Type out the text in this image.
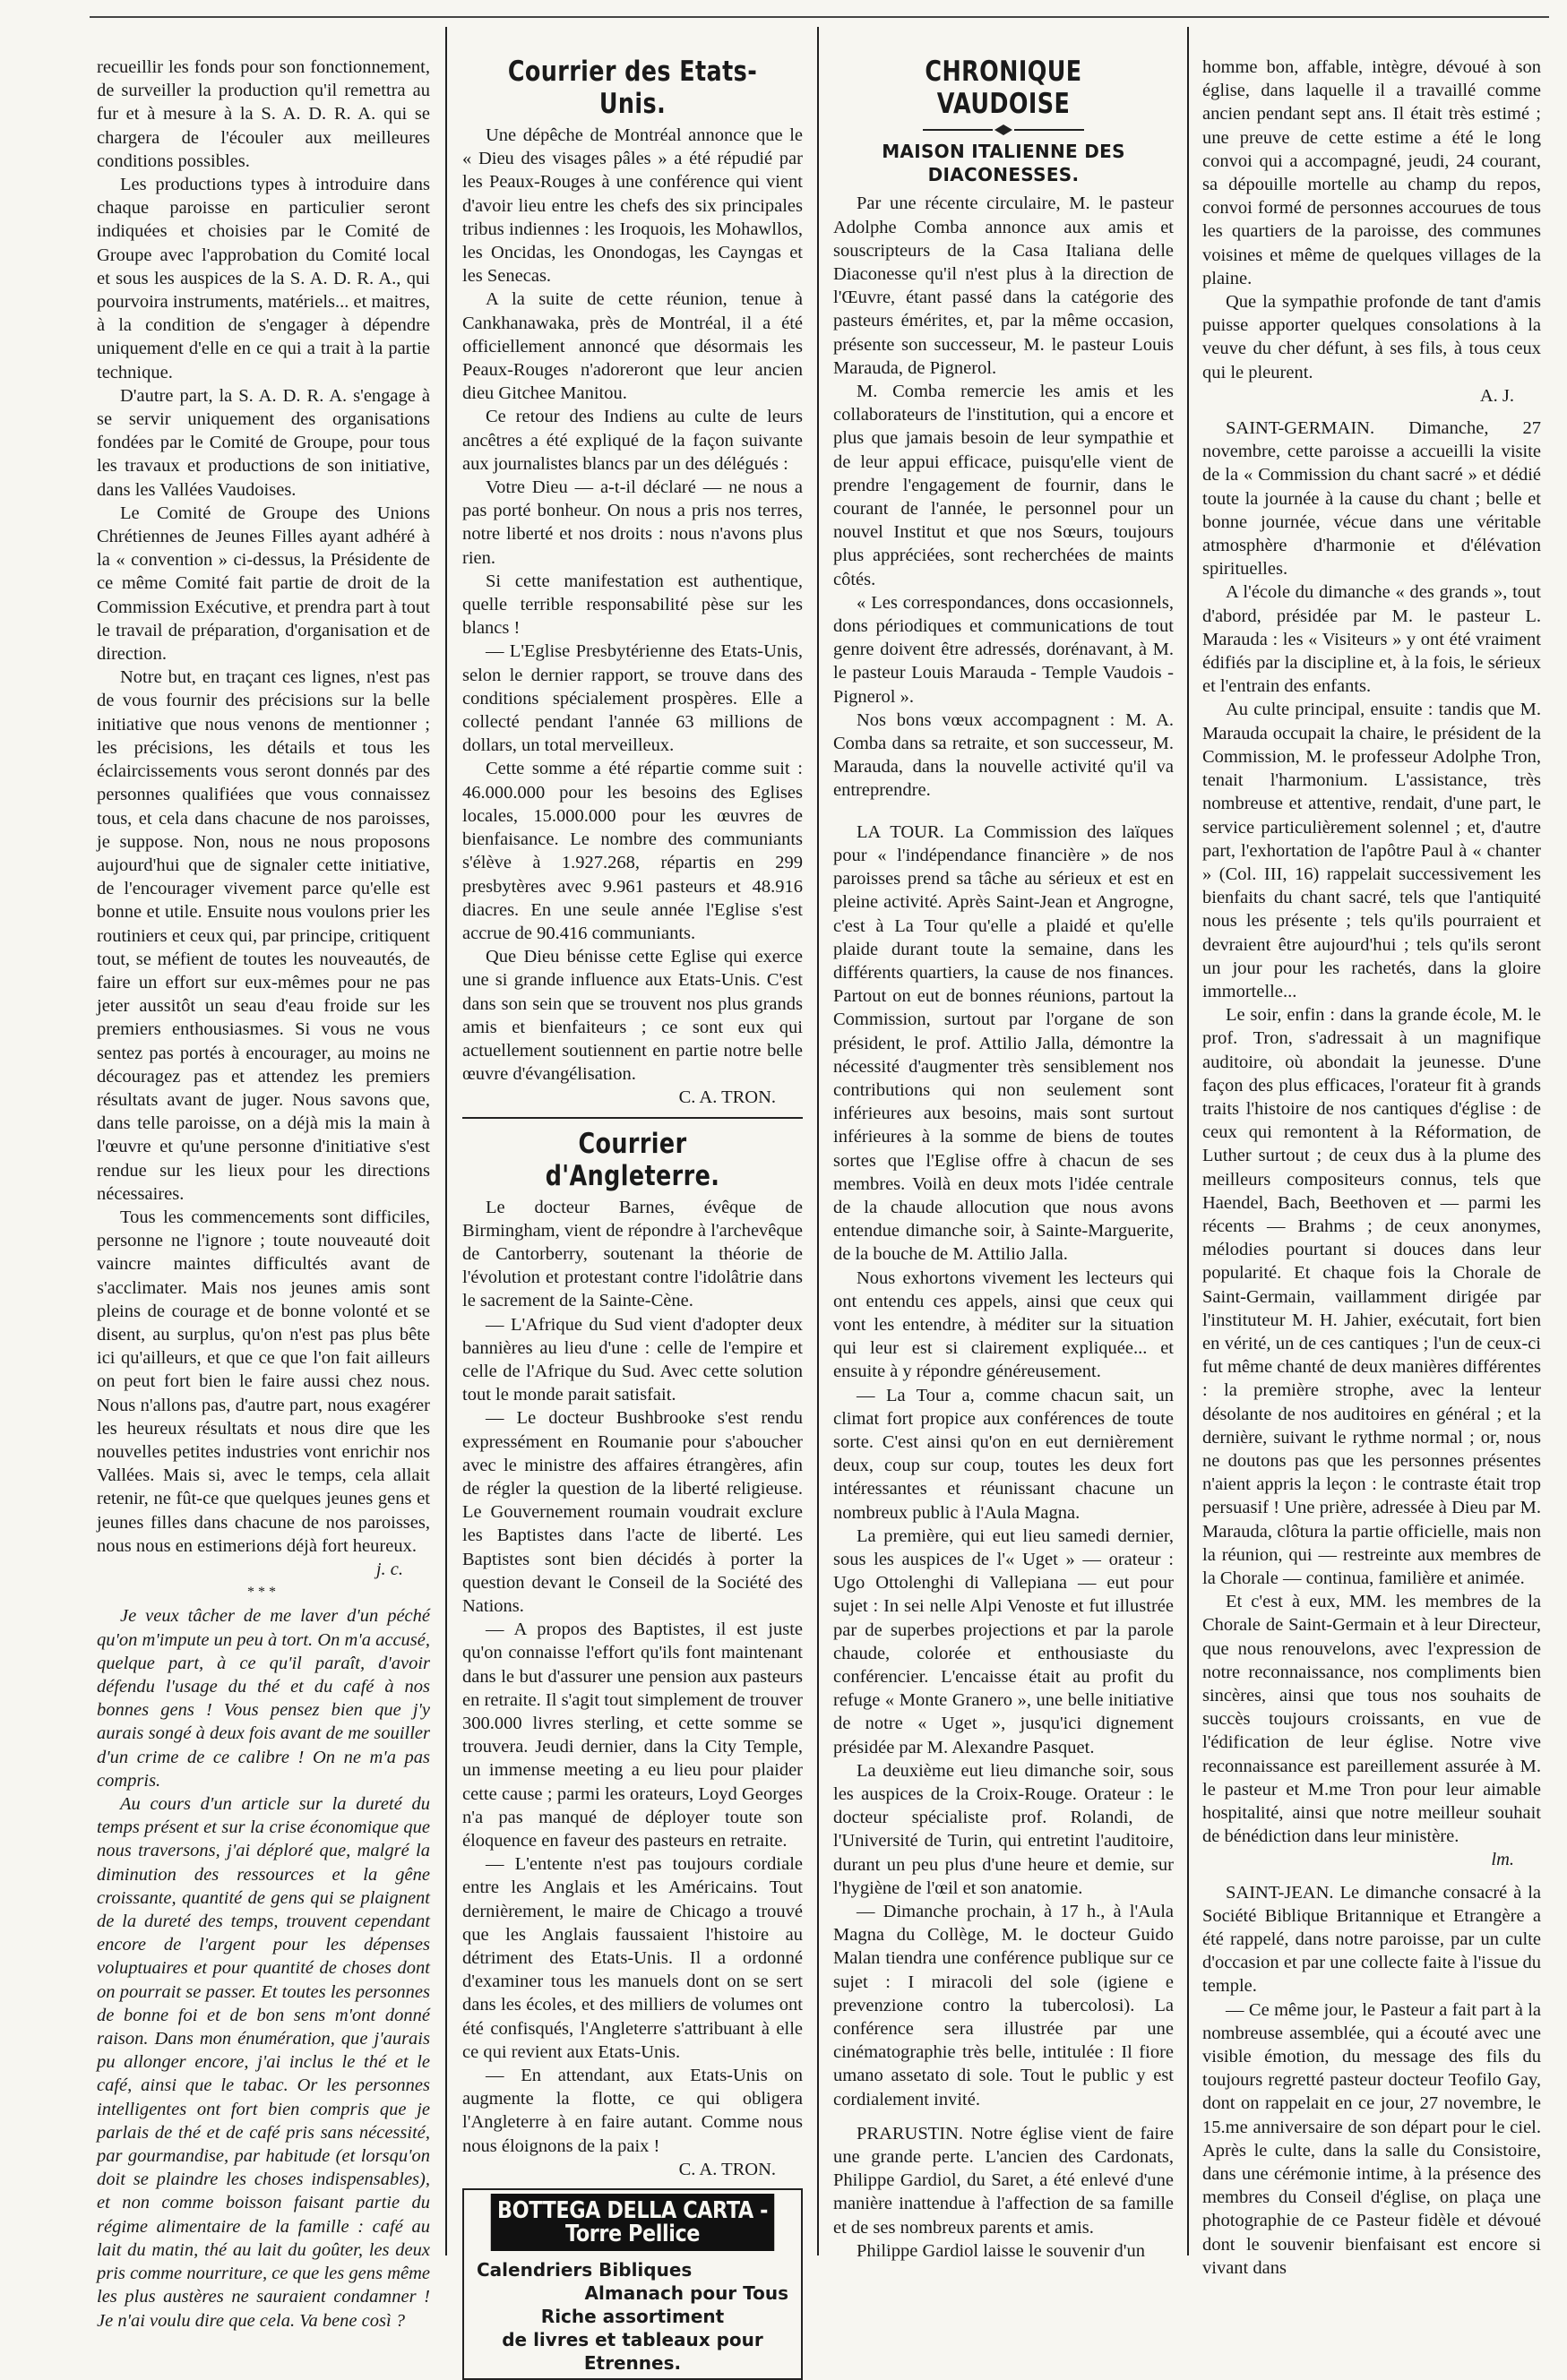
recueillir les fonds pour son fonctionnement, de surveiller la production qu'il remettra au fur et à mesure à la S. A. D. R. A. qui se chargera de l'écouler aux meilleures conditions possibles.

Les productions types à introduire dans chaque paroisse en particulier seront indiquées et choisies par le Comité de Groupe avec l'approbation du Comité local et sous les auspices de la S. A. D. R. A., qui pourvoira instruments, matériels... et maitres, à la condition de s'engager à dépendre uniquement d'elle en ce qui a trait à la partie technique.

D'autre part, la S. A. D. R. A. s'engage à se servir uniquement des organisations fondées par le Comité de Groupe, pour tous les travaux et productions de son initiative, dans les Vallées Vaudoises.

Le Comité de Groupe des Unions Chrétiennes de Jeunes Filles ayant adhéré à la « convention » ci-dessus, la Présidente de ce même Comité fait partie de droit de la Commission Exécutive, et prendra part à tout le travail de préparation, d'organisation et de direction.

Notre but, en traçant ces lignes, n'est pas de vous fournir des précisions sur la belle initiative que nous venons de mentionner ; les précisions, les détails et tous les éclaircissements vous seront donnés par des personnes qualifiées que vous connaissez tous, et cela dans chacune de nos paroisses, je suppose. Non, nous ne nous proposons aujourd'hui que de signaler cette initiative, de l'encourager vivement parce qu'elle est bonne et utile. Ensuite nous voulons prier les routiniers et ceux qui, par principe, critiquent tout, se méfient de toutes les nouveautés, de faire un effort sur eux-mêmes pour ne pas jeter aussitôt un seau d'eau froide sur les premiers enthousiasmes. Si vous ne vous sentez pas portés à encourager, au moins ne découragez pas et attendez les premiers résultats avant de juger. Nous savons que, dans telle paroisse, on a déjà mis la main à l'œuvre et qu'une personne d'initiative s'est rendue sur les lieux pour les directions nécessaires.

Tous les commencements sont difficiles, personne ne l'ignore ; toute nouveauté doit vaincre maintes difficultés avant de s'acclimater. Mais nos jeunes amis sont pleins de courage et de bonne volonté et se disent, au surplus, qu'on n'est pas plus bête ici qu'ailleurs, et que ce que l'on fait ailleurs on peut fort bien le faire aussi chez nous. Nous n'allons pas, d'autre part, nous exagérer les heureux résultats et nous dire que les nouvelles petites industries vont enrichir nos Vallées. Mais si, avec le temps, cela allait retenir, ne fût-ce que quelques jeunes gens et jeunes filles dans chacune de nos paroisses, nous nous en estimerions déjà fort heureux.

j. c.
***

Je veux tâcher de me laver d'un péché qu'on m'impute un peu à tort. On m'a accusé, quelque part, à ce qu'il paraît, d'avoir défendu l'usage du thé et du café à nos bonnes gens ! Vous pensez bien que j'y aurais songé à deux fois avant de me souiller d'un crime de ce calibre ! On ne m'a pas compris.

Au cours d'un article sur la dureté du temps présent et sur la crise économique que nous traversons, j'ai déploré que, malgré la diminution des ressources et la gêne croissante, quantité de gens qui se plaignent de la dureté des temps, trouvent cependant encore de l'argent pour les dépenses voluptuaires et pour quantité de choses dont on pourrait se passer. Et toutes les personnes de bonne foi et de bon sens m'ont donné raison. Dans mon énumération, que j'aurais pu allonger encore, j'ai inclus le thé et le café, ainsi que le tabac. Or les personnes intelligentes ont fort bien compris que je parlais de thé et de café pris sans nécessité, par gourmandise, par habitude (et lorsqu'on doit se plaindre les choses indispensables), et non comme boisson faisant partie du régime alimentaire de la famille : café au lait du matin, thé au lait du goûter, les deux pris comme nourriture, ce que les gens même les plus austères ne sauraient condamner ! Je n'ai voulu dire que cela. Va bene così ?

Courrier des Etats-Unis.

Une dépêche de Montréal annonce que le « Dieu des visages pâles » a été répudié par les Peaux-Rouges à une conférence qui vient d'avoir lieu entre les chefs des six principales tribus indiennes : les Iroquois, les Mohawllos, les Oncidas, les Onondogas, les Cayngas et les Senecas.

A la suite de cette réunion, tenue à Cankhanawaka, près de Montréal, il a été officiellement annoncé que désormais les Peaux-Rouges n'adoreront que leur ancien dieu Gitchee Manitou.

Ce retour des Indiens au culte de leurs ancêtres a été expliqué de la façon suivante aux journalistes blancs par un des délégués :

Votre Dieu — a-t-il déclaré — ne nous a pas porté bonheur. On nous a pris nos terres, notre liberté et nos droits : nous n'avons plus rien.

Si cette manifestation est authentique, quelle terrible responsabilité pèse sur les blancs !

— L'Eglise Presbytérienne des Etats-Unis, selon le dernier rapport, se trouve dans des conditions spécialement prospères. Elle a collecté pendant l'année 63 millions de dollars, un total merveilleux.

Cette somme a été répartie comme suit : 46.000.000 pour les besoins des Eglises locales, 15.000.000 pour les œuvres de bienfaisance. Le nombre des communiants s'élève à 1.927.268, répartis en 299 presbytères avec 9.961 pasteurs et 48.916 diacres. En une seule année l'Eglise s'est accrue de 90.416 communiants.

Que Dieu bénisse cette Eglise qui exerce une si grande influence aux Etats-Unis. C'est dans son sein que se trouvent nos plus grands amis et bienfaiteurs ; ce sont eux qui actuellement soutiennent en partie notre belle œuvre d'évangélisation.

C. A. TRON.
Courrier d'Angleterre.

Le docteur Barnes, évêque de Birmingham, vient de répondre à l'archevêque de Cantorberry, soutenant la théorie de l'évolution et protestant contre l'idolâtrie dans le sacrement de la Sainte-Cène.

— L'Afrique du Sud vient d'adopter deux bannières au lieu d'une : celle de l'empire et celle de l'Afrique du Sud. Avec cette solution tout le monde parait satisfait.

— Le docteur Bushbrooke s'est rendu expressément en Roumanie pour s'aboucher avec le ministre des affaires étrangères, afin de régler la question de la liberté religieuse. Le Gouvernement roumain voudrait exclure les Baptistes dans l'acte de liberté. Les Baptistes sont bien décidés à porter la question devant le Conseil de la Société des Nations.

— A propos des Baptistes, il est juste qu'on connaisse l'effort qu'ils font maintenant dans le but d'assurer une pension aux pasteurs en retraite. Il s'agit tout simplement de trouver 300.000 livres sterling, et cette somme se trouvera. Jeudi dernier, dans la City Temple, un immense meeting a eu lieu pour plaider cette cause ; parmi les orateurs, Loyd Georges n'a pas manqué de déployer toute son éloquence en faveur des pasteurs en retraite.

— L'entente n'est pas toujours cordiale entre les Anglais et les Américains. Tout dernièrement, le maire de Chicago a trouvé que les Anglais faussaient l'histoire au détriment des Etats-Unis. Il a ordonné d'examiner tous les manuels dont on se sert dans les écoles, et des milliers de volumes ont été confisqués, l'Angleterre s'attribuant à elle ce qui revient aux Etats-Unis.

— En attendant, aux Etats-Unis on augmente la flotte, ce qui obligera l'Angleterre à en faire autant. Comme nous nous éloignons de la paix !

C. A. TRON.
BOTTEGA DELLA CARTA - Torre Pellice
Calendriers Bibliques
Almanach pour Tous
Riche assortiment
de livres et tableaux pour Etrennes.
CHRONIQUE VAUDOISE
MAISON ITALIENNE DES DIACONESSES.

Par une récente circulaire, M. le pasteur Adolphe Comba annonce aux amis et souscripteurs de la Casa Italiana delle Diaconesse qu'il n'est plus à la direction de l'Œuvre, étant passé dans la catégorie des pasteurs émérites, et, par la même occasion, présente son successeur, M. le pasteur Louis Marauda, de Pignerol.

M. Comba remercie les amis et les collaborateurs de l'institution, qui a encore et plus que jamais besoin de leur sympathie et de leur appui efficace, puisqu'elle vient de prendre l'engagement de fournir, dans le courant de l'année, le personnel pour un nouvel Institut et que nos Sœurs, toujours plus appréciées, sont recherchées de maints côtés.

« Les correspondances, dons occasionnels, dons périodiques et communications de tout genre doivent être adressés, dorénavant, à M. le pasteur Louis Marauda - Temple Vaudois - Pignerol ».

Nos bons vœux accompagnent : M. A. Comba dans sa retraite, et son successeur, M. Marauda, dans la nouvelle activité qu'il va entreprendre.

LA TOUR. La Commission des laïques pour « l'indépendance financière » de nos paroisses prend sa tâche au sérieux et est en pleine activité. Après Saint-Jean et Angrogne, c'est à La Tour qu'elle a plaidé et qu'elle plaide durant toute la semaine, dans les différents quartiers, la cause de nos finances. Partout on eut de bonnes réunions, partout la Commission, surtout par l'organe de son président, le prof. Attilio Jalla, démontre la nécessité d'augmenter très sensiblement nos contributions qui non seulement sont inférieures aux besoins, mais sont surtout inférieures à la somme de biens de toutes sortes que l'Eglise offre à chacun de ses membres. Voilà en deux mots l'idée centrale de la chaude allocution que nous avons entendue dimanche soir, à Sainte-Marguerite, de la bouche de M. Attilio Jalla.

Nous exhortons vivement les lecteurs qui ont entendu ces appels, ainsi que ceux qui vont les entendre, à méditer sur la situation qui leur est si clairement expliquée... et ensuite à y répondre généreusement.

— La Tour a, comme chacun sait, un climat fort propice aux conférences de toute sorte. C'est ainsi qu'on en eut dernièrement deux, coup sur coup, toutes les deux fort intéressantes et réunissant chacune un nombreux public à l'Aula Magna.

La première, qui eut lieu samedi dernier, sous les auspices de l'« Uget » — orateur : Ugo Ottolenghi di Vallepiana — eut pour sujet : In sei nelle Alpi Venoste et fut illustrée par de superbes projections et par la parole chaude, colorée et enthousiaste du conférencier. L'encaisse était au profit du refuge « Monte Granero », une belle initiative de notre « Uget », jusqu'ici dignement présidée par M. Alexandre Pasquet.

La deuxième eut lieu dimanche soir, sous les auspices de la Croix-Rouge. Orateur : le docteur spécialiste prof. Rolandi, de l'Université de Turin, qui entretint l'auditoire, durant un peu plus d'une heure et demie, sur l'hygiène de l'œil et son anatomie.

— Dimanche prochain, à 17 h., à l'Aula Magna du Collège, M. le docteur Guido Malan tiendra une conférence publique sur ce sujet : I miracoli del sole (igiene e prevenzione contro la tubercolosi). La conférence sera illustrée par une cinématographie très belle, intitulée : Il fiore umano assetato di sole. Tout le public y est cordialement invité.

PRARUSTIN. Notre église vient de faire une grande perte. L'ancien des Cardonats, Philippe Gardiol, du Saret, a été enlevé d'une manière inattendue à l'affection de sa famille et de ses nombreux parents et amis.

Philippe Gardiol laisse le souvenir d'un

homme bon, affable, intègre, dévoué à son église, dans laquelle il a travaillé comme ancien pendant sept ans. Il était très estimé ; une preuve de cette estime a été le long convoi qui a accompagné, jeudi, 24 courant, sa dépouille mortelle au champ du repos, convoi formé de personnes accourues de tous les quartiers de la paroisse, des communes voisines et même de quelques villages de la plaine.

Que la sympathie profonde de tant d'amis puisse apporter quelques consolations à la veuve du cher défunt, à ses fils, à tous ceux qui le pleurent.

A. J.

SAINT-GERMAIN. Dimanche, 27 novembre, cette paroisse a accueilli la visite de la « Commission du chant sacré » et dédié toute la journée à la cause du chant ; belle et bonne journée, vécue dans une véritable atmosphère d'harmonie et d'élévation spirituelles.

A l'école du dimanche « des grands », tout d'abord, présidée par M. le pasteur L. Marauda : les « Visiteurs » y ont été vraiment édifiés par la discipline et, à la fois, le sérieux et l'entrain des enfants.

Au culte principal, ensuite : tandis que M. Marauda occupait la chaire, le président de la Commission, M. le professeur Adolphe Tron, tenait l'harmonium. L'assistance, très nombreuse et attentive, rendait, d'une part, le service particulièrement solennel ; et, d'autre part, l'exhortation de l'apôtre Paul à « chanter » (Col. III, 16) rappelait successivement les bienfaits du chant sacré, tels que l'antiquité nous les présente ; tels qu'ils pourraient et devraient être aujourd'hui ; tels qu'ils seront un jour pour les rachetés, dans la gloire immortelle...

Le soir, enfin : dans la grande école, M. le prof. Tron, s'adressait à un magnifique auditoire, où abondait la jeunesse. D'une façon des plus efficaces, l'orateur fit à grands traits l'histoire de nos cantiques d'église : de ceux qui remontent à la Réformation, de Luther surtout ; de ceux dus à la plume des meilleurs compositeurs connus, tels que Haendel, Bach, Beethoven et — parmi les récents — Brahms ; de ceux anonymes, mélodies pourtant si douces dans leur popularité. Et chaque fois la Chorale de Saint-Germain, vaillamment dirigée par l'instituteur M. H. Jahier, exécutait, fort bien en vérité, un de ces cantiques ; l'un de ceux-ci fut même chanté de deux manières différentes : la première strophe, avec la lenteur désolante de nos auditoires en général ; et la dernière, suivant le rythme normal ; or, nous ne doutons pas que les personnes présentes n'aient appris la leçon : le contraste était trop persuasif ! Une prière, adressée à Dieu par M. Marauda, clôtura la partie officielle, mais non la réunion, qui — restreinte aux membres de la Chorale — continua, familière et animée.

Et c'est à eux, MM. les membres de la Chorale de Saint-Germain et à leur Directeur, que nous renouvelons, avec l'expression de notre reconnaissance, nos compliments bien sincères, ainsi que tous nos souhaits de succès toujours croissants, en vue de l'édification de leur église. Notre vive reconnaissance est pareillement assurée à M. le pasteur et M.me Tron pour leur aimable hospitalité, ainsi que notre meilleur souhait de bénédiction dans leur ministère.

lm.

SAINT-JEAN. Le dimanche consacré à la Société Biblique Britannique et Etrangère a été rappelé, dans notre paroisse, par un culte d'occasion et par une collecte faite à l'issue du temple.

— Ce même jour, le Pasteur a fait part à la nombreuse assemblée, qui a écouté avec une visible émotion, du message des fils du toujours regretté pasteur docteur Teofilo Gay, dont on rappelait en ce jour, 27 novembre, le 15.me anniversaire de son départ pour le ciel. Après le culte, dans la salle du Consistoire, dans une cérémonie intime, à la présence des membres du Conseil d'église, on plaça une photographie de ce Pasteur fidèle et dévoué dont le souvenir bienfaisant est encore si vivant dans
